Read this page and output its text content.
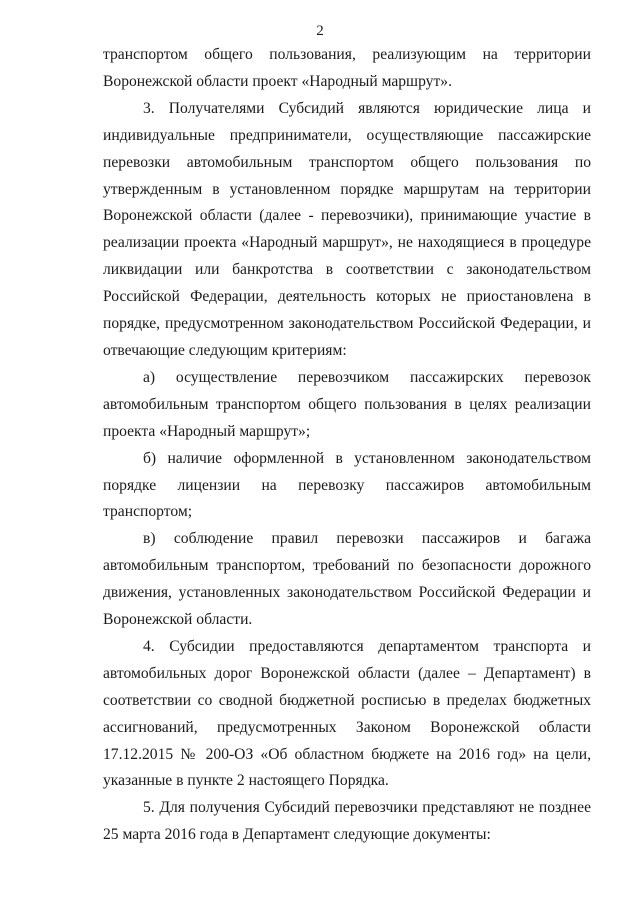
2

транспортом общего пользования, реализующим на территории Воронежской области проект «Народный маршрут».

3. Получателями Субсидий являются юридические лица и индивидуальные предприниматели, осуществляющие пассажирские перевозки автомобильным транспортом общего пользования по утвержденным в установленном порядке маршрутам на территории Воронежской области (далее - перевозчики), принимающие участие в реализации проекта «Народный маршрут», не находящиеся в процедуре ликвидации или банкротства в соответствии с законодательством Российской Федерации, деятельность которых не приостановлена в порядке, предусмотренном законодательством Российской Федерации, и отвечающие следующим критериям:

а) осуществление перевозчиком пассажирских перевозок автомобильным транспортом общего пользования в целях реализации проекта «Народный маршрут»;

б) наличие оформленной в установленном законодательством порядке лицензии на перевозку пассажиров автомобильным транспортом;

в) соблюдение правил перевозки пассажиров и багажа автомобильным транспортом, требований по безопасности дорожного движения, установленных законодательством Российской Федерации и Воронежской области.

4. Субсидии предоставляются департаментом транспорта и автомобильных дорог Воронежской области (далее – Департамент) в соответствии со сводной бюджетной росписью в пределах бюджетных ассигнований, предусмотренных Законом Воронежской области 17.12.2015 № 200-ОЗ «Об областном бюджете на 2016 год» на цели, указанные в пункте 2 настоящего Порядка.

5. Для получения Субсидий перевозчики представляют не позднее 25 марта 2016 года в Департамент следующие документы:
